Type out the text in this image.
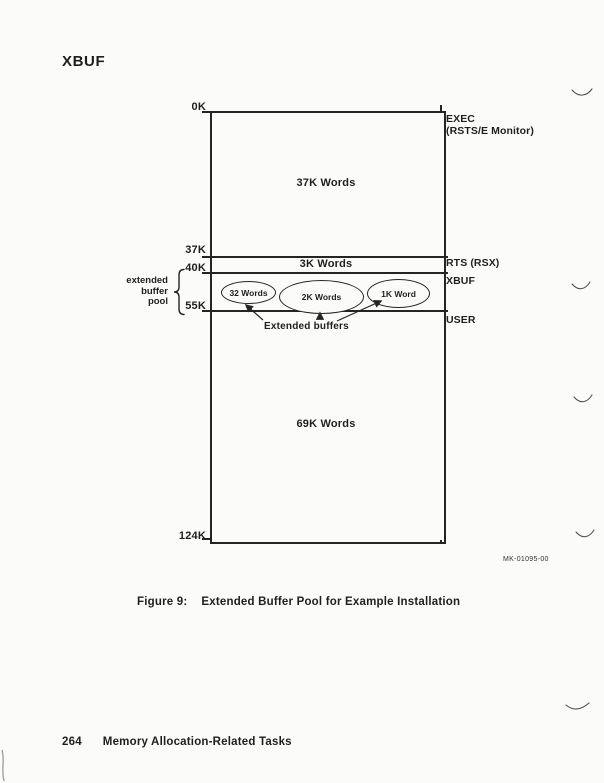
XBUF
0K
37K
40K
55K
124K
37K Words
3K Words
69K Words
EXEC
(RSTS/E Monitor)
RTS (RSX)
XBUF
USER
extended
buffer
pool
32 Words	2K Words	1K Word
Extended buffers
MK-01095-00
Figure 9: Extended Buffer Pool for Example Installation
264 Memory Allocation-Related Tasks
